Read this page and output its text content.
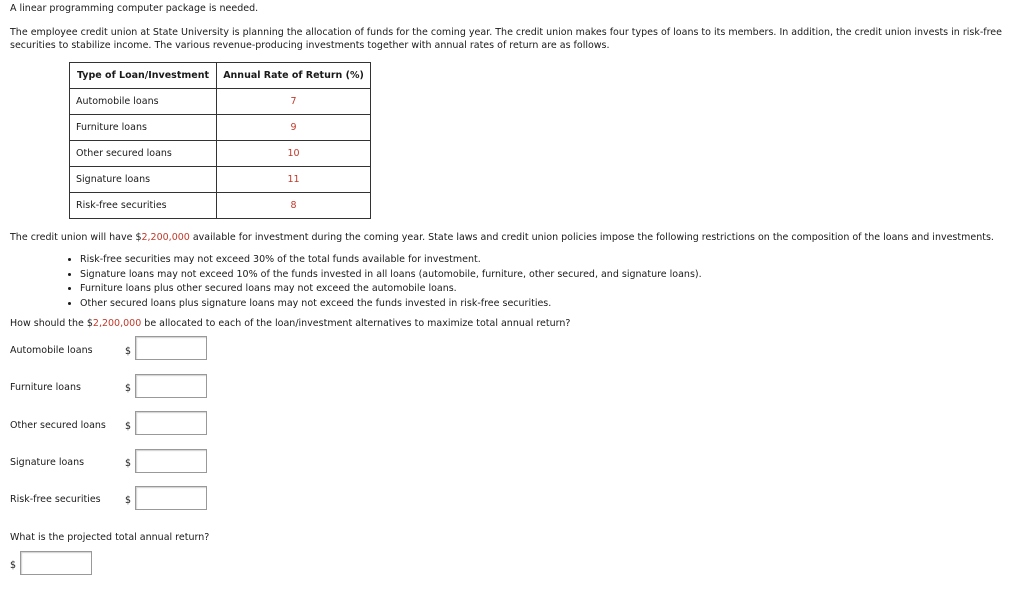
A linear programming computer package is needed.
The employee credit union at State University is planning the allocation of funds for the coming year. The credit union makes four types of loans to its members. In addition, the credit union invests in risk-free securities to stabilize income. The various revenue-producing investments together with annual rates of return are as follows.
Type of Loan/Investment	Annual Rate of Return (%)
Automobile loans	7
Furniture loans	9
Other secured loans	10
Signature loans	11
Risk-free securities	8
The credit union will have $2,200,000 available for investment during the coming year. State laws and credit union policies impose the following restrictions on the composition of the loans and investments.
• Risk-free securities may not exceed 30% of the total funds available for investment.
• Signature loans may not exceed 10% of the funds invested in all loans (automobile, furniture, other secured, and signature loans).
• Furniture loans plus other secured loans may not exceed the automobile loans.
• Other secured loans plus signature loans may not exceed the funds invested in risk-free securities.
How should the $2,200,000 be allocated to each of the loan/investment alternatives to maximize total annual return?
Automobile loans	$
Furniture loans	$
Other secured loans $
Signature loans	$
Risk-free securities	$
What is the projected total annual return?
$
